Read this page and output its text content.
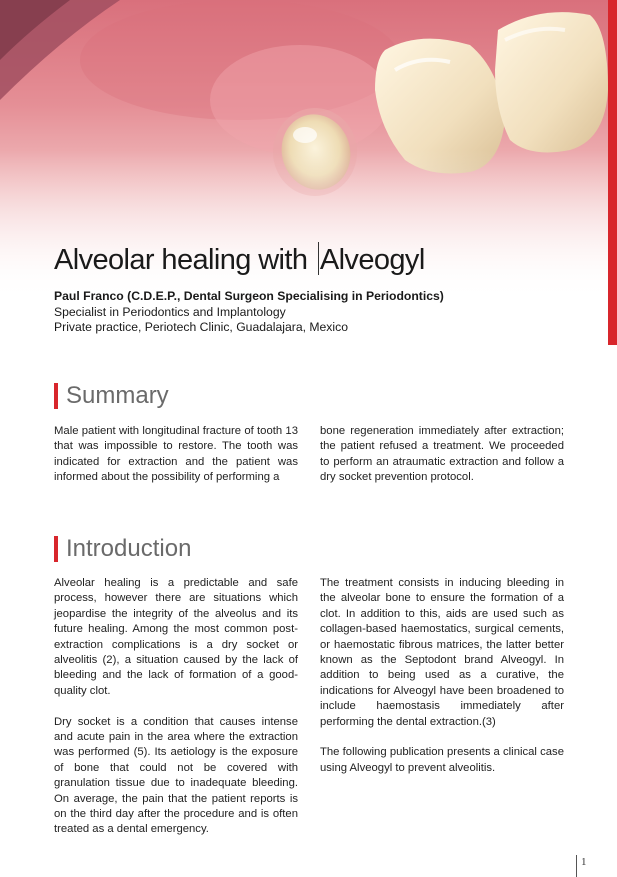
Alveolar healing with Alveogyl
Paul Franco (C.D.E.P., Dental Surgeon Specialising in Periodontics)
Specialist in Periodontics and Implantology
Private practice, Periotech Clinic, Guadalajara, Mexico
Summary

Male patient with longitudinal fracture of tooth 13 that was impossible to restore. The tooth was indicated for extraction and the patient was informed about the possibility of performing a

bone regeneration immediately after extraction; the patient refused a treatment. We proceeded to perform an atraumatic extraction and follow a dry socket prevention protocol.

Introduction

Alveolar healing is a predictable and safe process, however there are situations which jeopardise the integrity of the alveolus and its future healing. Among the most common post-extraction complications is a dry socket or alveolitis (2), a situation caused by the lack of bleeding and the lack of formation of a good-quality clot.

Dry socket is a condition that causes intense and acute pain in the area where the extraction was performed (5). Its aetiology is the exposure of bone that could not be covered with granulation tissue due to inadequate bleeding. On average, the pain that the patient reports is on the third day after the procedure and is often treated as a dental emergency.

The treatment consists in inducing bleeding in the alveolar bone to ensure the formation of a clot. In addition to this, aids are used such as collagen-based haemostatics, surgical cements, or haemostatic fibrous matrices, the latter better known as the Septodont brand Alveogyl. In addition to being used as a curative, the indications for Alveogyl have been broadened to include haemostasis immediately after performing the dental extraction.(3)

The following publication presents a clinical case using Alveogyl to prevent alveolitis.

1
